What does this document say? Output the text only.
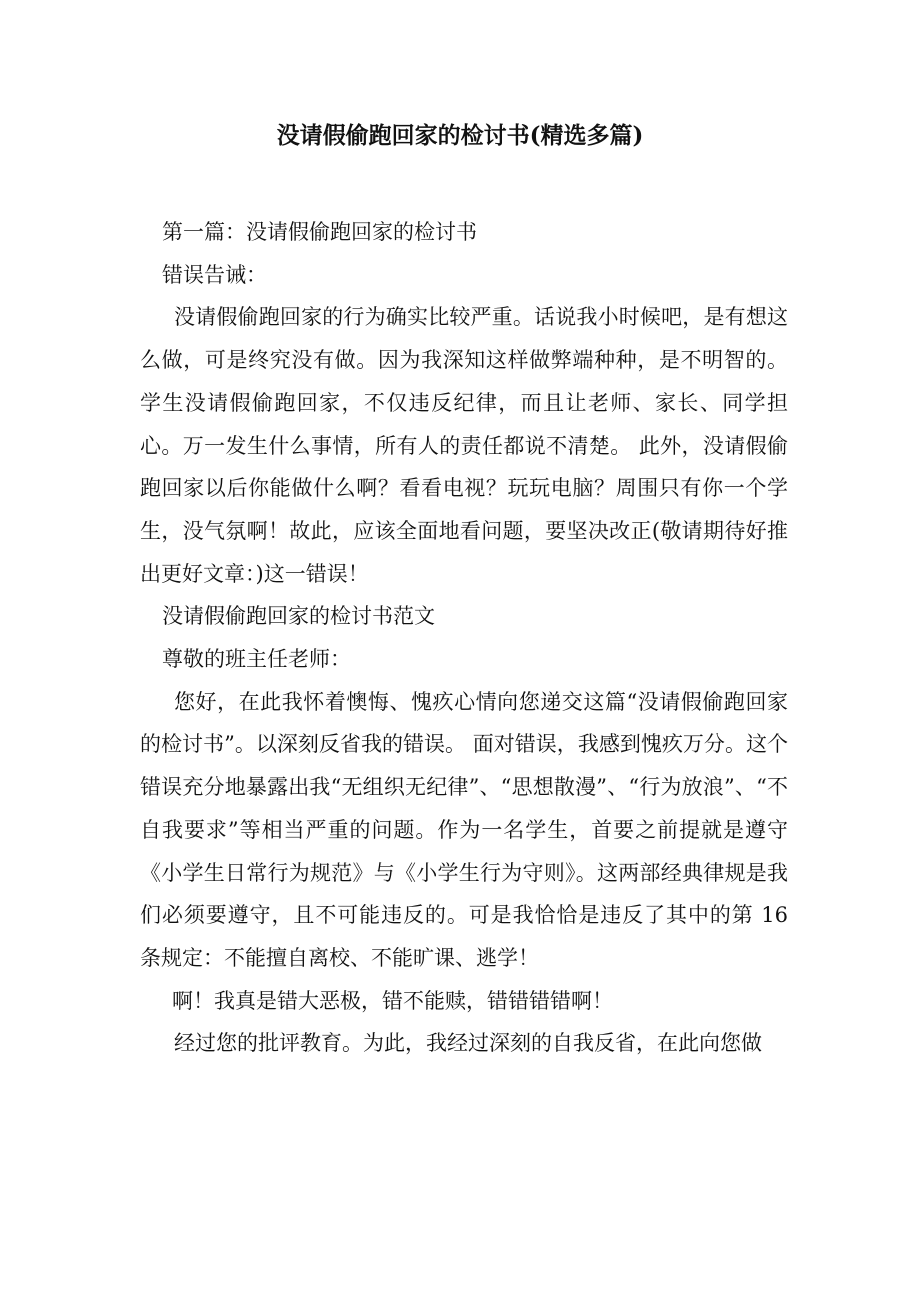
没请假偷跑回家的检讨书(精选多篇)

第一篇：没请假偷跑回家的检讨书

错误告诫：

没请假偷跑回家的行为确实比较严重。话说我小时候吧，是有想这么做，可是终究没有做。因为我深知这样做弊端种种，是不明智的。学生没请假偷跑回家，不仅违反纪律，而且让老师、家长、同学担心。万一发生什么事情，所有人的责任都说不清楚。 此外，没请假偷跑回家以后你能做什么啊？看看电视？玩玩电脑？周围只有你一个学生，没气氛啊！故此，应该全面地看问题，要坚决改正(敬请期待好推出更好文章：)这一错误！

没请假偷跑回家的检讨书范文

尊敬的班主任老师：

您好，在此我怀着懊悔、愧疚心情向您递交这篇“没请假偷跑回家的检讨书”。以深刻反省我的错误。 面对错误，我感到愧疚万分。这个错误充分地暴露出我“无组织无纪律”、“思想散漫”、“行为放浪”、“不自我要求”等相当严重的问题。作为一名学生，首要之前提就是遵守《小学生日常行为规范》与《小学生行为守则》。这两部经典律规是我们必须要遵守，且不可能违反的。可是我恰恰是违反了其中的第 16 条规定：不能擅自离校、不能旷课、逃学！

啊！我真是错大恶极，错不能赎，错错错错啊！

经过您的批评教育。为此，我经过深刻的自我反省，在此向您做
